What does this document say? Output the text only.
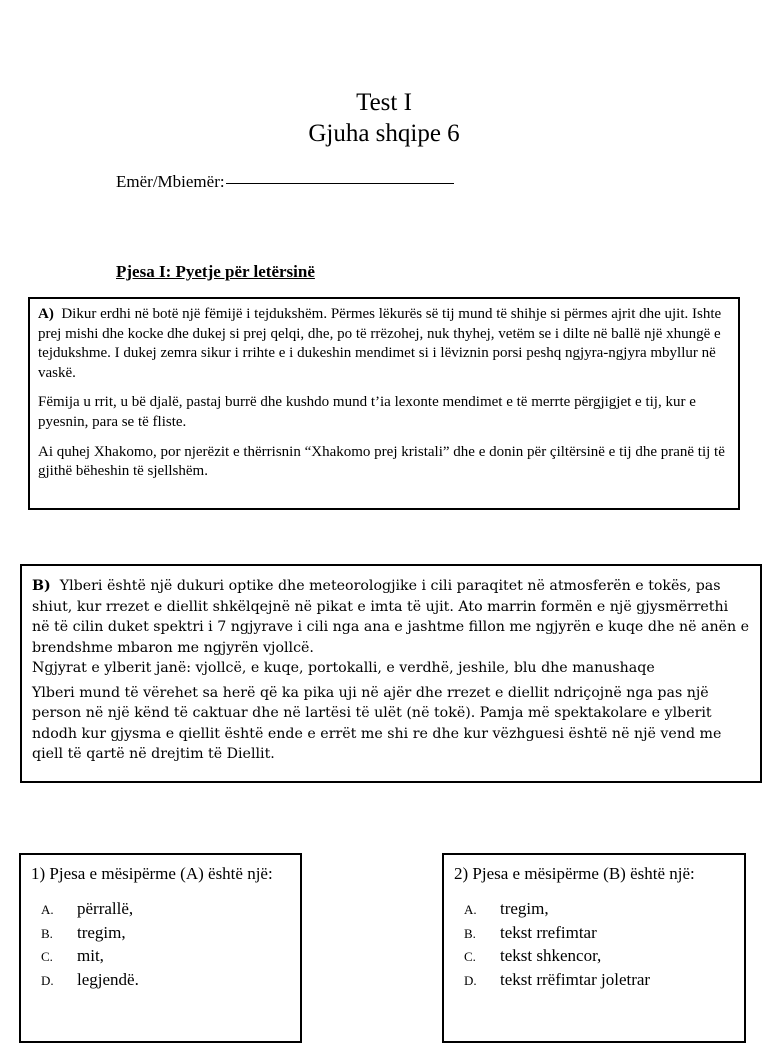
Test I
Gjuha shqipe 6
Emër/Mbiemër:
Pjesa I: Pyetje për letërsinë

A) Dikur erdhi në botë një fëmijë i tejdukshëm. Përmes lëkurës së tij mund të shihje si përmes ajrit dhe ujit. Ishte prej mishi dhe kocke dhe dukej si prej qelqi, dhe, po të rrëzohej, nuk thyhej, vetëm se i dilte në ballë një xhungë e tejdukshme. I dukej zemra sikur i rrihte e i dukeshin mendimet si i lëviznin porsi peshq ngjyra-ngjyra mbyllur në vaskë.

Fëmija u rrit, u bë djalë, pastaj burrë dhe kushdo mund t’ia lexonte mendimet e të merrte përgjigjet e tij, kur e pyesnin, para se të fliste.

Ai quhej Xhakomo, por njerëzit e thërrisnin “Xhakomo prej kristali” dhe e donin për çiltërsinë e tij dhe pranë tij të gjithë bëheshin të sjellshëm.

B) Ylberi është një dukuri optike dhe meteorologjike i cili paraqitet në atmosferën e tokës, pas shiut, kur rrezet e diellit shkëlqejnë në pikat e imta të ujit. Ato marrin formën e një gjysmërrethi në të cilin duket spektri i 7 ngjyrave i cili nga ana e jashtme fillon me ngjyrën e kuqe dhe në anën e brendshme mbaron me ngjyrën vjollcë.

Ngjyrat e ylberit janë: vjollcë, e kuqe, portokalli, e verdhë, jeshile, blu dhe manushaqe

Ylberi mund të vërehet sa herë që ka pika uji në ajër dhe rrezet e diellit ndriçojnë nga pas një person në një kënd të caktuar dhe në lartësi të ulët (në tokë). Pamja më spektakolare e ylberit ndodh kur gjysma e qiellit është ende e errët me shi re dhe kur vëzhguesi është në një vend me qiell të qartë në drejtim të Diellit.

1) Pjesa e mësipërme (A) është një:
A.	përrallë,
B.	tregim,
C.	mit,
D.	legjendë.
2) Pjesa e mësipërme (B) është një:
A.	tregim,
B.	tekst rrefimtar
C.	tekst shkencor,
D.	tekst rrëfimtar joletrar
